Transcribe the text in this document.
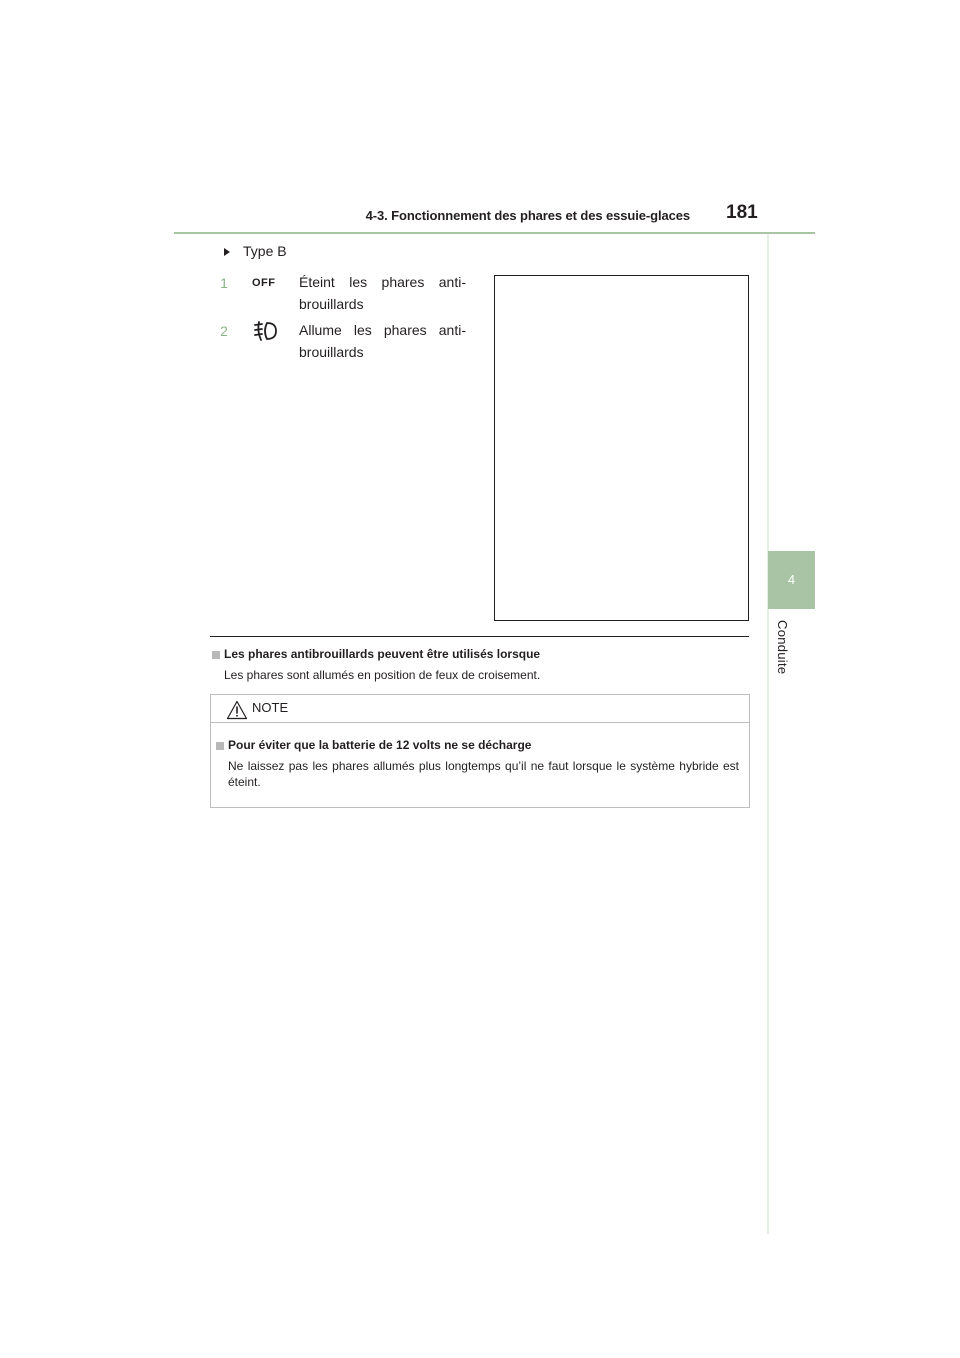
4-3. Fonctionnement des phares et des essuie-glaces 181
4
Conduite
Type B
1 OFF Éteint les phares anti-
brouillards
2	Allume les phares anti-
brouillards
Les phares antibrouillards peuvent être utilisés lorsque
Les phares sont allumés en position de feux de croisement.
NOTE
Pour éviter que la batterie de 12 volts ne se décharge
Ne laissez pas les phares allumés plus longtemps qu’il ne faut lorsque le système hybride est éteint.
